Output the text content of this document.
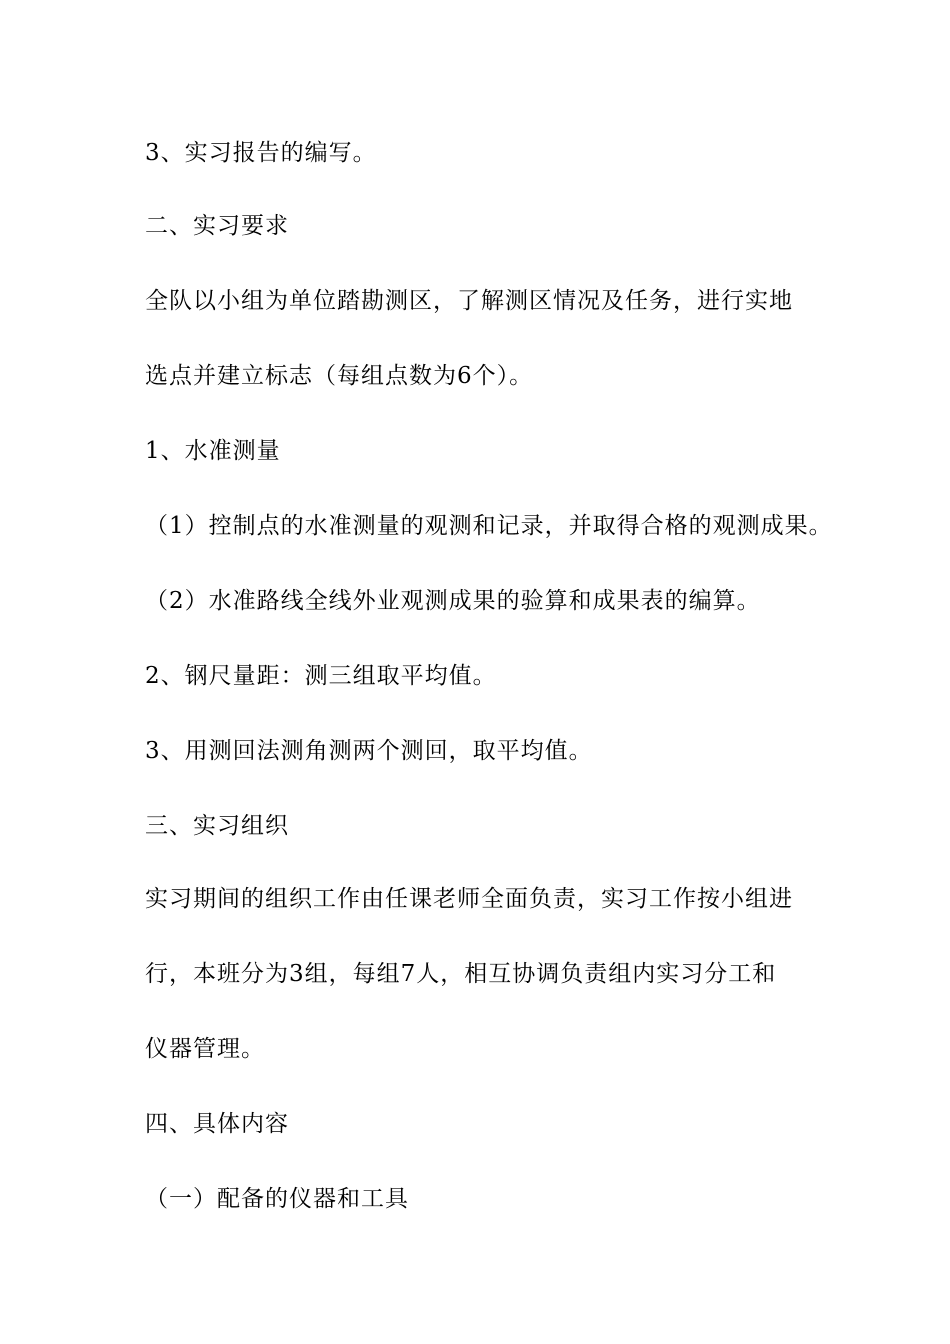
3、实习报告的编写。
二、实习要求
全队以小组为单位踏勘测区，了解测区情况及任务，进行实地
选点并建立标志（每组点数为6个）。
1、水准测量
（1）控制点的水准测量的观测和记录，并取得合格的观测成果。
（2）水准路线全线外业观测成果的验算和成果表的编算。
2、钢尺量距：测三组取平均值。
3、用测回法测角测两个测回，取平均值。
三、实习组织
实习期间的组织工作由任课老师全面负责，实习工作按小组进
行，本班分为3组，每组7人，相互协调负责组内实习分工和
仪器管理。
四、具体内容
（一）配备的仪器和工具
